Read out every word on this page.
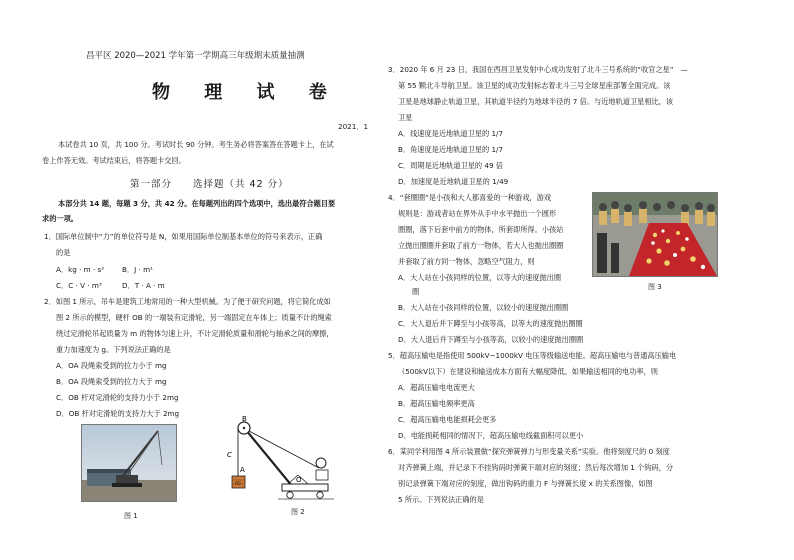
昌平区 2020—2021 学年第一学期高三年级期末质量抽测
物 理 试 卷
2021．1
本试卷共 10 页，共 100 分。考试时长 90 分钟。考生务必将答案答在答题卡上，在试
卷上作答无效。考试结束后，将答题卡交回。
第一部分　　选择题（共 42 分）
本部分共 14 题，每题 3 分，共 42 分。在每题列出的四个选项中，选出最符合题目要
求的一项。
1．国际单位制中“力”的单位符号是 N，如果用国际单位制基本单位的符号来表示，正确
的是
A．kg · m · s² B．J · m¹
C．C · V · m³	D．T · A · m
2．如图 1 所示，吊车是建筑工地常用的一种大型机械。为了便于研究问题，将它简化成如
图 2 所示的模型，硬杆 OB 的一端装有定滑轮，另一端固定在车体上；质量不计的绳索
绕过定滑轮吊起质量为 m 的物体匀速上升，不计定滑轮质量和滑轮与轴承之间的摩擦，
重力加速度为 g。下列说法正确的是
A．OA 段绳索受到的拉力小于 mg
B．OA 段绳索受到的拉力大于 mg
C．OB 杆对定滑轮的支持力小于 2mg
D．OB 杆对定滑轮的支持力大于 2mg
图 1
B
C
A
O
m
图 2
3．2020 年 6 月 23 日，我国在西昌卫星发射中心成功发射了北斗三号系统的“收官之星”　—
第 55 颗北斗导航卫星。该卫星的成功发射标志着北斗三号全球星座部署全面完成。该
卫星是地球静止轨道卫星，其轨道半径约为地球半径的 7 倍。与近地轨道卫星相比，该
卫星
A．线速度是近地轨道卫星的 1/7
B．角速度是近地轨道卫星的 1/7
C．周期是近地轨道卫星的 49 倍
D．加速度是近地轨道卫星的 1/49
4．“套圈圈”是小孩和大人都喜爱的一种游戏，游戏
规则是：游戏者站在界外从手中水平抛出一个圆形
圈圈，落下后套中前方的物体，所套即所得。小孩站
立抛出圈圈并套取了前方一物体，若大人也抛出圈圈
并套取了前方同一物体，忽略空气阻力，则
A．大人站在小孩同样的位置，以等大的速度抛出圈
圈
B．大人站在小孩同样的位置，以较小的速度抛出圈圈
C．大人退后并下蹲至与小孩等高，以等大的速度抛出圈圈
D．大人退后并下蹲至与小孩等高，以较小的速度抛出圈圈
图 3
5．超高压输电是指使用 500kV~1000kV 电压等级输送电能。超高压输电与普通高压输电
（500kV以下）在建设和输送成本方面有大幅度降低。如果输送相同的电功率，则
A．超高压输电电流更大
B．超高压输电频率更高
C．超高压输电电能损耗会更多
D．电能损耗相同的情况下，超高压输电线截面积可以更小
6．某同学利用图 4 所示装置做“探究弹簧弹力与形变量关系”实验。他将刻度尺的 0 刻度
对齐弹簧上端，并记录下不挂钩码时弹簧下端对应的刻度；然后每次增加 1 个钩码，分
别记录弹簧下端对应的刻度，做出钩码的重力 F 与弹簧长度 x 的关系图像，如图
5 所示。下列说法正确的是
